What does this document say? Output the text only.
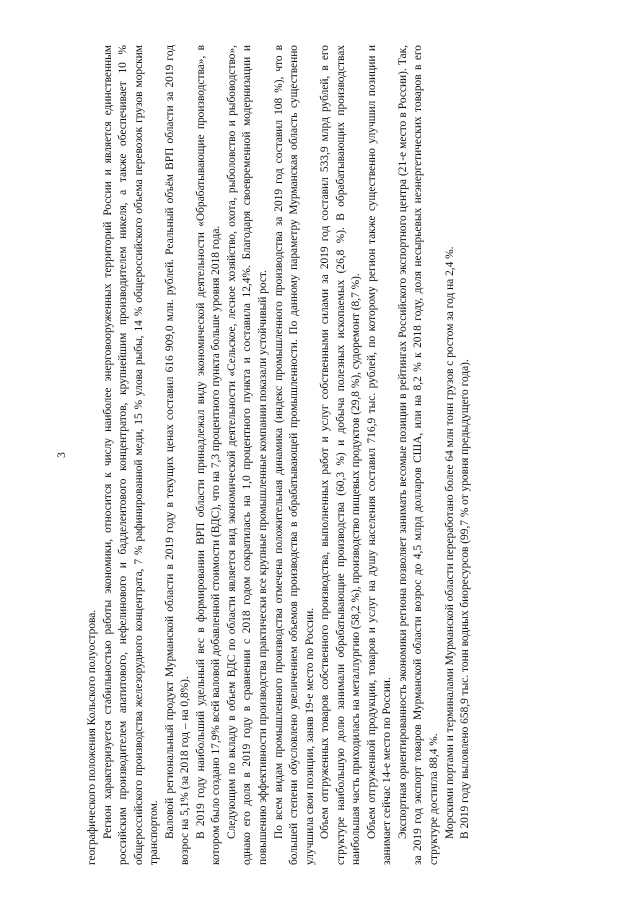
3

географического положения Кольского полуострова. Регион характеризуется стабильностью работы экономики, относится к числу наиболее энерговооруженных территорий России и является единственным российским производителем апатитового, нефелинового и бадделеитового концентратов, крупнейшим производителем никеля, а также обеспечивает 10 % общероссийского производства железорудного концентрата, 7 % рафинированной меди, 15 % улова рыбы, 14 % общероссийского объема перевозок грузов морским транспортом. Валовой региональный продукт Мурманской области в 2019 году в текущих ценах составил 616 909,0 млн. рублей. Реальный объём ВРП области за 2019 год возрос на 5,1% (за 2018 год – на 0,8%). В 2019 году наибольший удельный вес в формировании ВРП области принадлежал виду экономической деятельности «Обрабатывающие производства», в котором было создано 17,9% всей валовой добавленной стоимости (ВДС), что на 7,3 процентного пункта больше уровня 2018 года. Следующим по вкладу в объем ВДС по области является вид экономической деятельности «Сельское, лесное хозяйство, охота, рыболовство и рыбоводство», однако его доля в 2019 году в сравнении с 2018 годом сократилась на 1,0 процентного пункта и составила 12,4%. Благодаря своевременной модернизации и повышению эффективности производства практически все крупные промышленные компании показали устойчивый рост. По всем видам промышленного производства отмечена положительная динамика (индекс промышленного производства за 2019 год составил 108 %), что в большей степени обусловлено увеличением объемов производства в обрабатывающей промышленности. По данному параметру Мурманская область существенно улучшила свои позиции, заняв 19-е место по России. Объем отгруженных товаров собственного производства, выполненных работ и услуг собственными силами за 2019 год составил 533,9 млрд рублей, в его структуре наибольшую долю занимали обрабатывающие производства (60,3 %) и добыча полезных ископаемых (26,8 %). В обрабатывающих производствах наибольшая часть приходилась на металлургию (58,2 %), производство пищевых продуктов (29,8 %), судоремонт (8,7 %). Объем отгруженной продукции, товаров и услуг на душу населения составил 716,9 тыс. рублей, по которому регион также существенно улучшил позиции и занимает сейчас 14-е место по России. Экспортная ориентированность экономики региона позволяет занимать весомые позиции в рейтингах Российского экспортного центра (21-е место в России). Так, за 2019 год экспорт товаров Мурманской области возрос до 4,5 млрд долларов США, или на 8,2 % к 2018 году, доля несырьевых неэнергетических товаров в его структуре достигла 88,4 %. Морскими портами и терминалами Мурманской области переработано более 64 млн тонн грузов с ростом за год на 2,4 %. В 2019 году выловлено 658,9 тыс. тонн водных биоресурсов (99,7 % от уровня предыдущего года).
